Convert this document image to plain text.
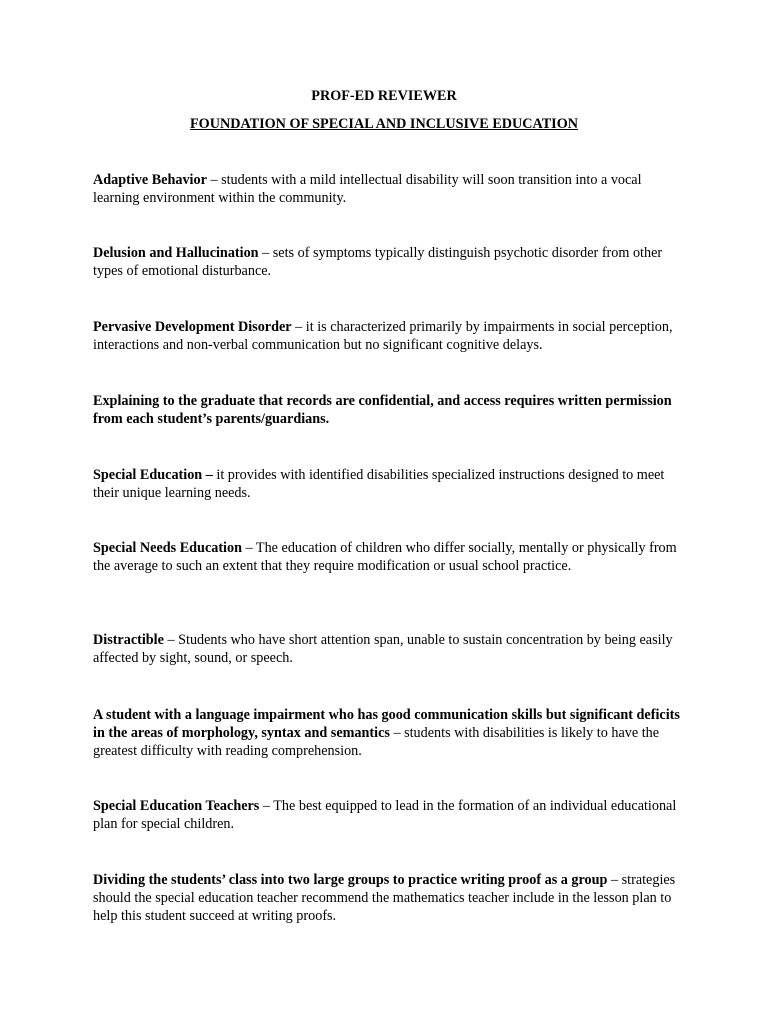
PROF-ED REVIEWER

FOUNDATION OF SPECIAL AND INCLUSIVE EDUCATION

Adaptive Behavior – students with a mild intellectual disability will soon transition into a vocal learning environment within the community.

Delusion and Hallucination – sets of symptoms typically distinguish psychotic disorder from other types of emotional disturbance.

Pervasive Development Disorder – it is characterized primarily by impairments in social perception, interactions and non-verbal communication but no significant cognitive delays.

Explaining to the graduate that records are confidential, and access requires written permission from each student’s parents/guardians.

Special Education – it provides with identified disabilities specialized instructions designed to meet their unique learning needs.

Special Needs Education – The education of children who differ socially, mentally or physically from the average to such an extent that they require modification or usual school practice.

Distractible – Students who have short attention span, unable to sustain concentration by being easily affected by sight, sound, or speech.

A student with a language impairment who has good communication skills but significant deficits in the areas of morphology, syntax and semantics – students with disabilities is likely to have the greatest difficulty with reading comprehension.

Special Education Teachers – The best equipped to lead in the formation of an individual educational plan for special children.

Dividing the students’ class into two large groups to practice writing proof as a group – strategies should the special education teacher recommend the mathematics teacher include in the lesson plan to help this student succeed at writing proofs.
